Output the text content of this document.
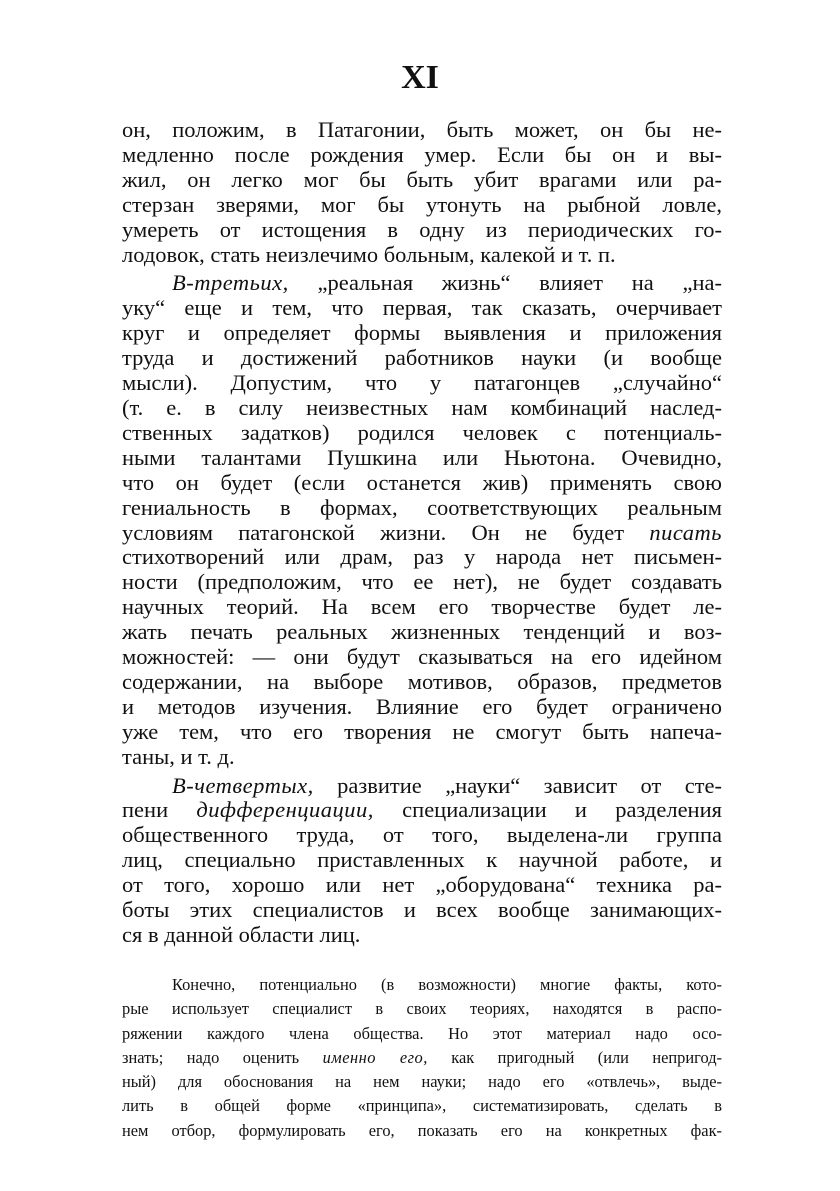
XI

он, положим, в Патагонии, быть может, он бы не-
медленно после рождения умер. Если бы он и вы-
жил, он легко мог бы быть убит врагами или ра-
стерзан зверями, мог бы утонуть на рыбной ловле,
умереть от истощения в одну из периодических го-
лодовок, стать неизлечимо больным, калекой и т. п.

В-третьих, „реальная жизнь“ влияет на „на-
уку“ еще и тем, что первая, так сказать, очерчивает
круг и определяет формы выявления и приложения
труда и достижений работников науки (и вообще
мысли). Допустим, что у патагонцев „случайно“
(т. е. в силу неизвестных нам комбинаций наслед-
ственных задатков) родился человек с потенциаль-
ными талантами Пушкина или Ньютона. Очевидно,
что он будет (если останется жив) применять свою
гениальность в формах, соответствующих реальным
условиям патагонской жизни. Он не будет писать
стихотворений или драм, раз у народа нет письмен-
ности (предположим, что ее нет), не будет создавать
научных теорий. На всем его творчестве будет ле-
жать печать реальных жизненных тенденций и воз-
можностей: — они будут сказываться на его идейном
содержании, на выборе мотивов, образов, предметов
и методов изучения. Влияние его будет ограничено
уже тем, что его творения не смогут быть напеча-
таны, и т. д.

В-четвертых, развитие „науки“ зависит от сте-
пени дифференциации, специализации и разделения
общественного труда, от того, выделена-ли группа
лиц, специально приставленных к научной работе, и
от того, хорошо или нет „оборудована“ техника ра-
боты этих специалистов и всех вообще занимающих-
ся в данной области лиц.

Конечно, потенциально (в возможности) многие факты, кото-
рые использует специалист в своих теориях, находятся в распо-
ряжении каждого члена общества. Но этот материал надо осо-
знать; надо оценить именно его, как пригодный (или непригод-
ный) для обоснования на нем науки; надо его «отвлечь», выде-
лить в общей форме «принципа», систематизировать, сделать в
нем отбор, формулировать его, показать его на конкретных фак-
